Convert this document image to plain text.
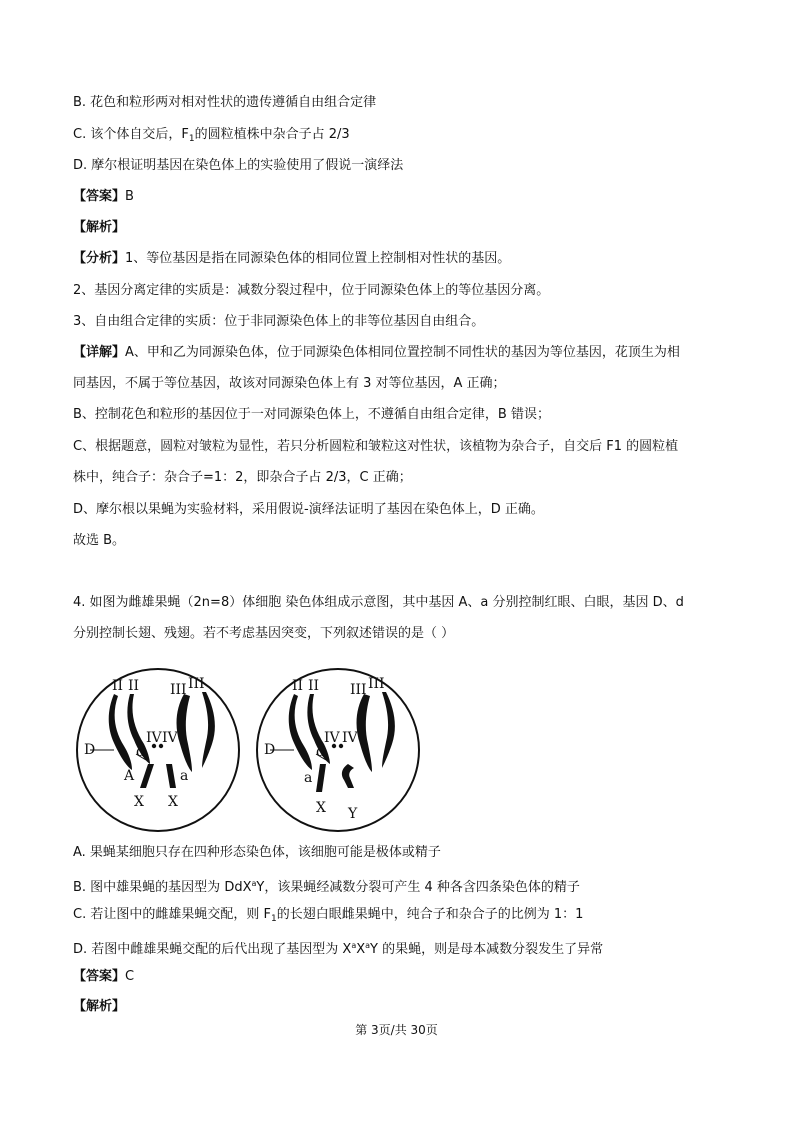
B. 花色和粒形两对相对性状的遗传遵循自由组合定律
C. 该个体自交后，$F_1$的圆粒植株中杂合子占 2/3
D. 摩尔根证明基因在染色体上的实验使用了假说一演绎法
【答案】B
【解析】
【分析】1、等位基因是指在同源染色体的相同位置上控制相对性状的基因。
2、基因分离定律的实质是：减数分裂过程中，位于同源染色体上的等位基因分离。
3、自由组合定律的实质：位于非同源染色体上的非等位基因自由组合。
【详解】A、甲和乙为同源染色体，位于同源染色体相同位置控制不同性状的基因为等位基因，花顶生为相
同基因，不属于等位基因，故该对同源染色体上有 3 对等位基因，A 正确；
B、控制花色和粒形的基因位于一对同源染色体上，不遵循自由组合定律，B 错误；
C、根据题意，圆粒对皱粒为显性，若只分析圆粒和皱粒这对性状，该植物为杂合子，自交后 F1 的圆粒植
株中，纯合子：杂合子=1：2，即杂合子占 2/3，C 正确；
D、摩尔根以果蝇为实验材料，采用假说-演绎法证明了基因在染色体上，D 正确。
故选 B。
4. 如图为雌雄果蝇（2n=8）体细胞 染色体组成示意图，其中基因 A、a 分别控制红眼、白眼，基因 D、d
分别控制长翅、残翅。若不考虑基因突变，下列叙述错误的是（ ）
II II III III
IV IV
D	d
A	a
X X
II II III III
IV IV
D	d
a
X Y
A. 果蝇某细胞只存在四种形态染色体，该细胞可能是极体或精子
B. 图中雄果蝇的基因型为 DdX$^a$Y，该果蝇经减数分裂可产生 4 种各含四条染色体的精子
C. 若让图中的雌雄果蝇交配，则 $F_1$的长翅白眼雌果蝇中，纯合子和杂合子的比例为 1：1
D. 若图中雌雄果蝇交配的后代出现了基因型为 $X^aX^aY$ 的果蝇，则是母本减数分裂发生了异常
【答案】C
【解析】
第 3页/共 30页
